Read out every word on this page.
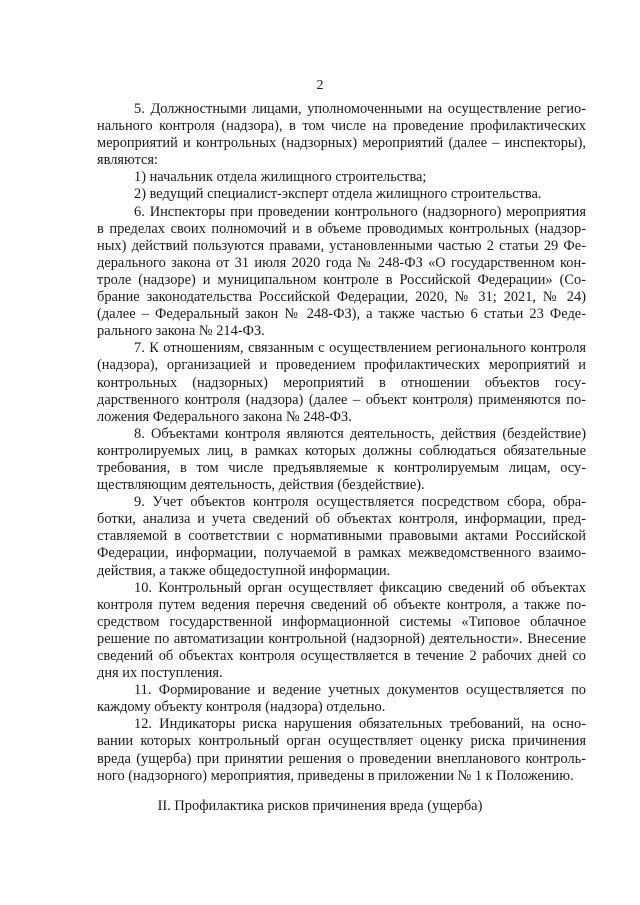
2

5. Должностными лицами, уполномоченными на осуществление регионального контроля (надзора), в том числе на проведение профилактических мероприятий и контрольных (надзорных) мероприятий (далее – инспекторы), являются:

1) начальник отдела жилищного строительства;

2) ведущий специалист-эксперт отдела жилищного строительства.

6. Инспекторы при проведении контрольного (надзорного) мероприятия в пределах своих полномочий и в объеме проводимых контрольных (надзорных) действий пользуются правами, установленными частью 2 статьи 29 Федерального закона от 31 июля 2020 года № 248-ФЗ «О государственном контроле (надзоре) и муниципальном контроле в Российской Федерации» (Собрание законодательства Российской Федерации, 2020, № 31; 2021, № 24) (далее – Федеральный закон № 248-ФЗ), а также частью 6 статьи 23 Федерального закона № 214-ФЗ.

7. К отношениям, связанным с осуществлением регионального контроля (надзора), организацией и проведением профилактических мероприятий и контрольных (надзорных) мероприятий в отношении объектов государственного контроля (надзора) (далее – объект контроля) применяются положения Федерального закона № 248-ФЗ.

8. Объектами контроля являются деятельность, действия (бездействие) контролируемых лиц, в рамках которых должны соблюдаться обязательные требования, в том числе предъявляемые к контролируемым лицам, осуществляющим деятельность, действия (бездействие).

9. Учет объектов контроля осуществляется посредством сбора, обработки, анализа и учета сведений об объектах контроля, информации, представляемой в соответствии с нормативными правовыми актами Российской Федерации, информации, получаемой в рамках межведомственного взаимодействия, а также общедоступной информации.

10. Контрольный орган осуществляет фиксацию сведений об объектах контроля путем ведения перечня сведений об объекте контроля, а также посредством государственной информационной системы «Типовое облачное решение по автоматизации контрольной (надзорной) деятельности». Внесение сведений об объектах контроля осуществляется в течение 2 рабочих дней со дня их поступления.

11. Формирование и ведение учетных документов осуществляется по каждому объекту контроля (надзора) отдельно.

12. Индикаторы риска нарушения обязательных требований, на основании которых контрольный орган осуществляет оценку риска причинения вреда (ущерба) при принятии решения о проведении внепланового контрольного (надзорного) мероприятия, приведены в приложении № 1 к Положению.

II. Профилактика рисков причинения вреда (ущерба)
